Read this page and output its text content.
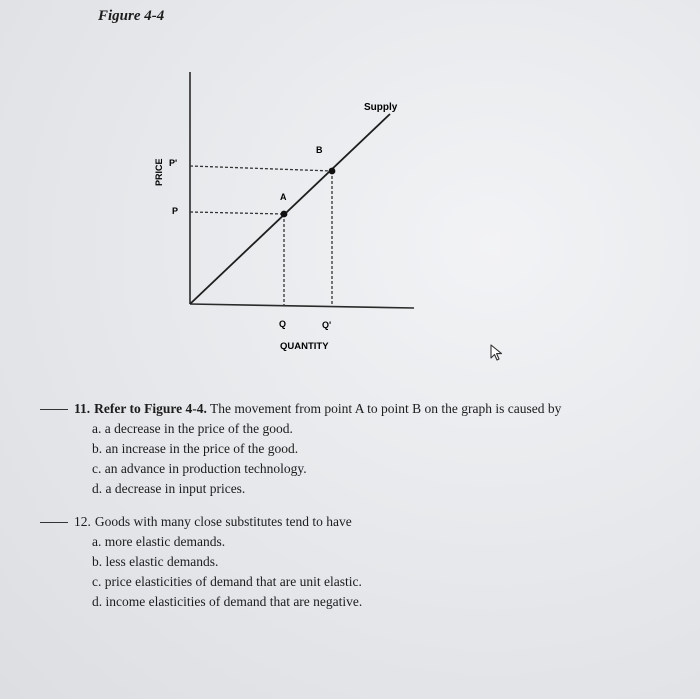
Figure 4-4
A
B
Supply
P
P'
Q	Q'
QUANTITY
PRICE
11. Refer to Figure 4-4. The movement from point A to point B on the graph is caused by
a. a decrease in the price of the good.
b. an increase in the price of the good.
c. an advance in production technology.
d. a decrease in input prices.
12. Goods with many close substitutes tend to have
a. more elastic demands.
b. less elastic demands.
c. price elasticities of demand that are unit elastic.
d. income elasticities of demand that are negative.
